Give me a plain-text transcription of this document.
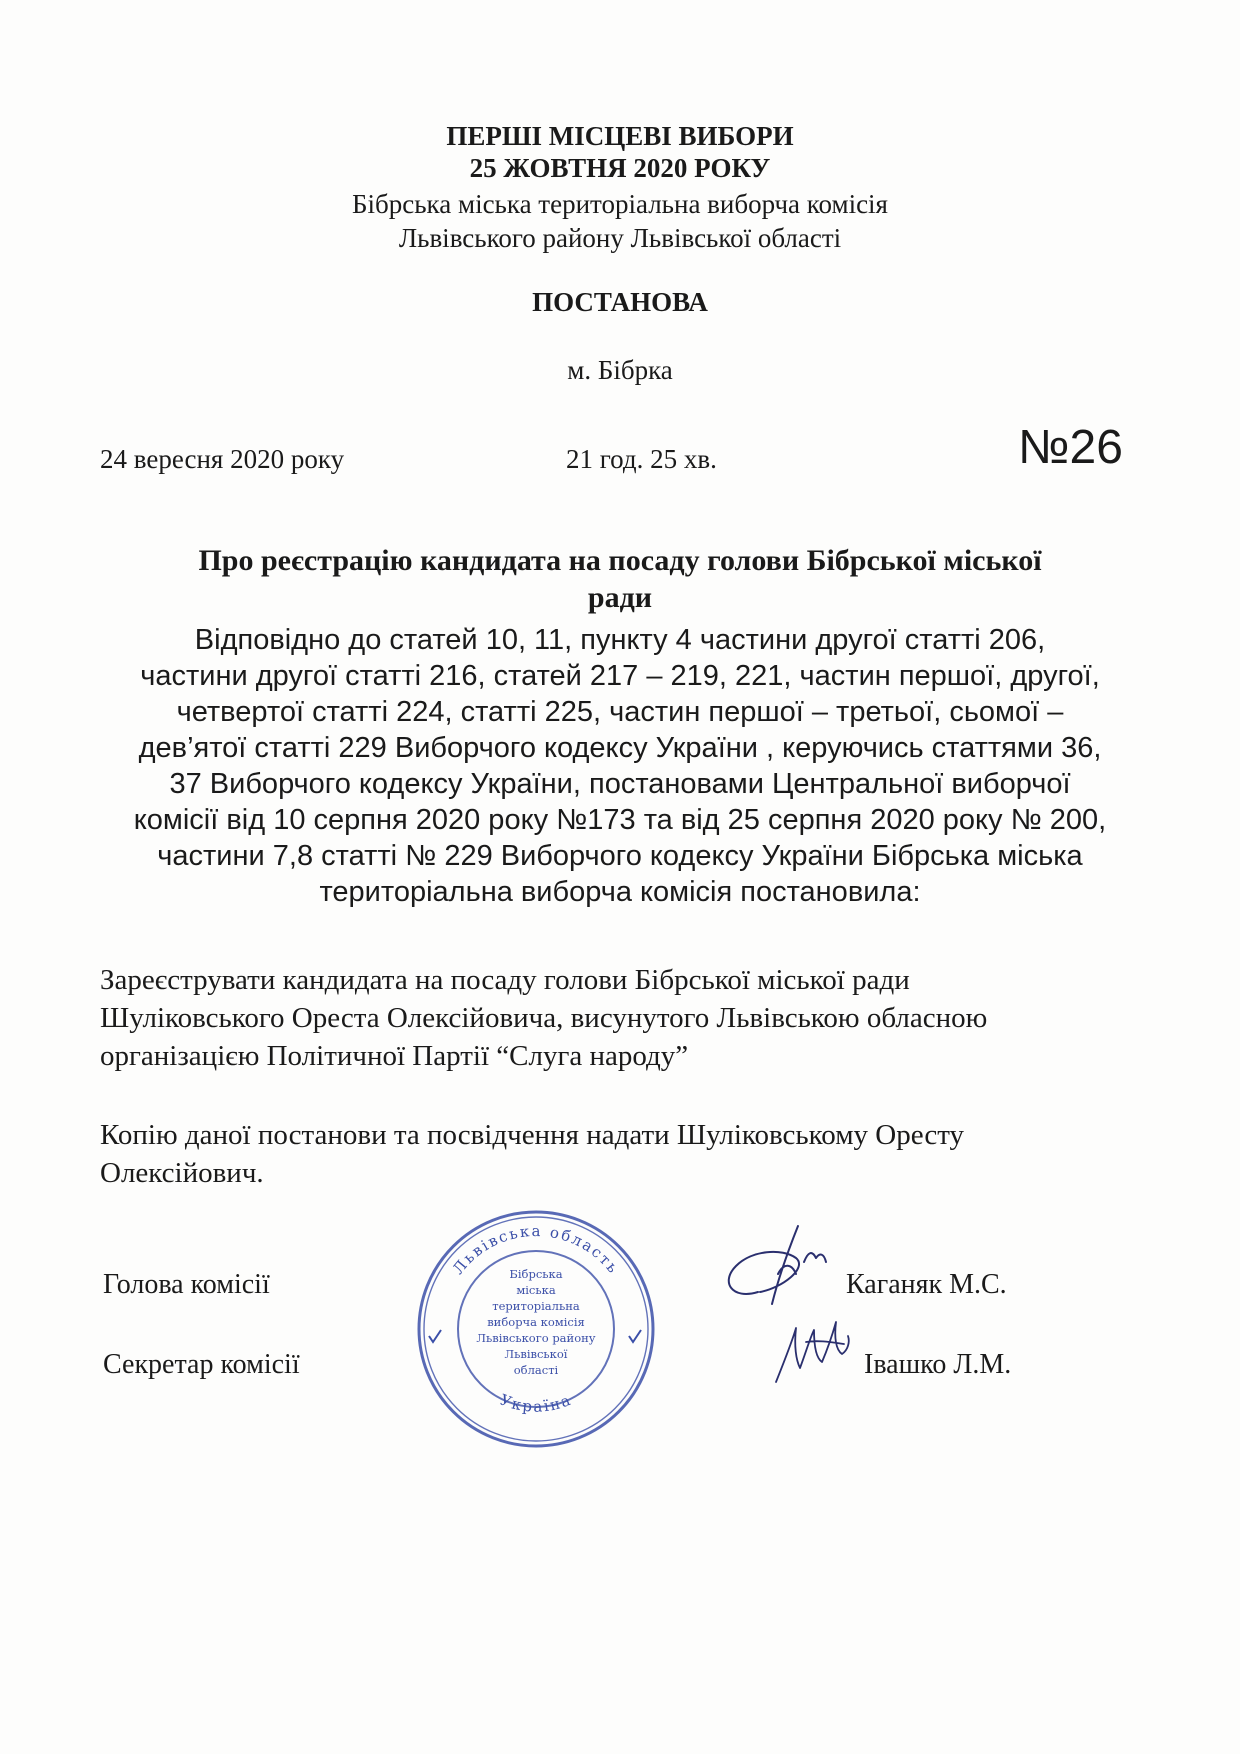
ПЕРШІ МІСЦЕВІ ВИБОРИ
25 ЖОВТНЯ 2020 РОКУ
Бібрська міська територіальна виборча комісія
Львівського району Львівської області
ПОСТАНОВА
м. Бібрка
24 вересня 2020 року	21 год. 25 хв.	№26
Про реєстрацію кандидата на посаду голови Бібрської міської
ради
Відповідно до статей 10, 11, пункту 4 частини другої статті 206,
частини другої статті 216, статей 217 – 219, 221, частин першої, другої,
четвертої статті 224, статті 225, частин першої – третьої, сьомої –
дев’ятої статті 229 Виборчого кодексу України , керуючись статтями 36,
37 Виборчого кодексу України, постановами Центральної виборчої
комісії від 10 серпня 2020 року №173 та від 25 серпня 2020 року № 200,
частини 7,8 статті № 229 Виборчого кодексу України Бібрська міська
територіальна виборча комісія постановила:
Зареєструвати кандидата на посаду голови Бібрської міської ради
Шуліковського Ореста Олексійовича, висунутого Львівською обласною
організацією Політичної Партії “Слуга народу”
Копію даної постанови та посвідчення надати Шуліковському Оресту
Олексійович.
Голова комісії	Каганяк М.С.
Секретар комісії	Івашко Л.М.
Львівська область
Україна
Бібрська
міська
територіальна
виборча комісія
Львівського району
Львівської
області
